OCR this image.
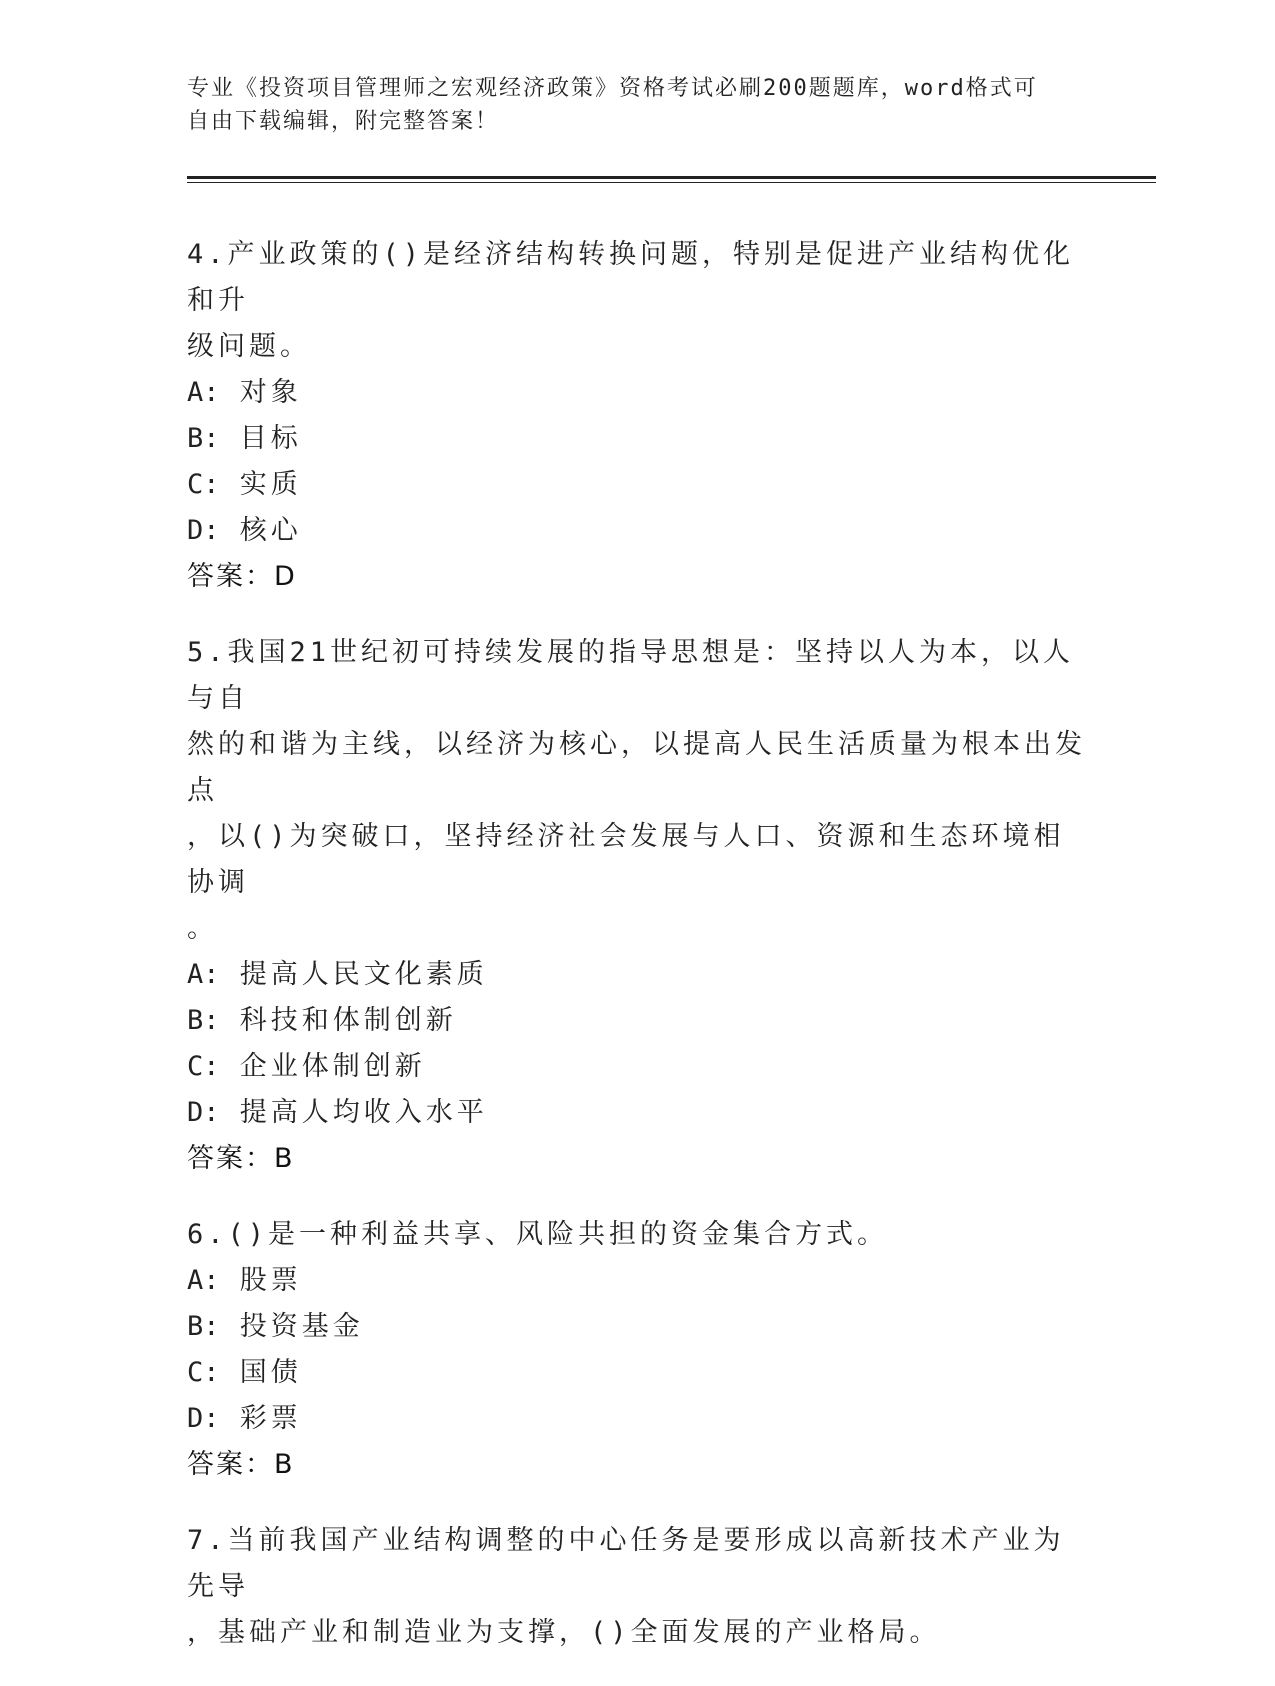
专业《投资项目管理师之宏观经济政策》资格考试必刷200题题库，word格式可
自由下载编辑，附完整答案！
4.产业政策的()是经济结构转换问题，特别是促进产业结构优化和升
级问题。
A: 对象
B: 目标
C: 实质
D: 核心
答案：D
5.我国21世纪初可持续发展的指导思想是：坚持以人为本，以人与自
然的和谐为主线，以经济为核心，以提高人民生活质量为根本出发点
，以()为突破口，坚持经济社会发展与人口、资源和生态环境相协调
。
A: 提高人民文化素质
B: 科技和体制创新
C: 企业体制创新
D: 提高人均收入水平
答案：B
6.()是一种利益共享、风险共担的资金集合方式。
A: 股票
B: 投资基金
C: 国债
D: 彩票
答案：B
7.当前我国产业结构调整的中心任务是要形成以高新技术产业为先导
，基础产业和制造业为支撑，()全面发展的产业格局。
